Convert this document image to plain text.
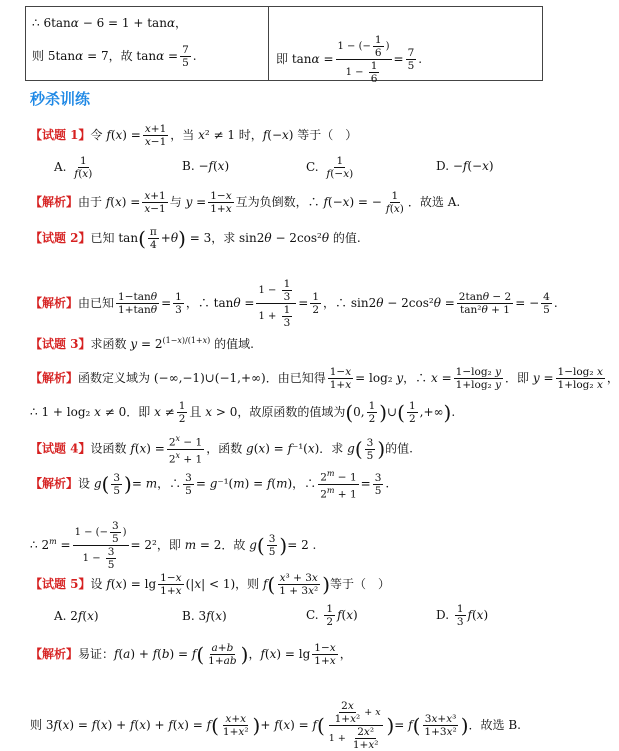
∴ 6tanα − 6 = 1 + tanα，
则 5tanα = 7，故 $\tan\alpha = \frac{7}{5}$ .	即 $\tan\alpha = \frac{1 - (- \frac{1}{6} )}{1 - \frac{1}{6}} = \frac{7}{5}$ .
秒杀训练
【试题 1】令 $f(x) = \frac{x+1}{x-1}$ ，当 x² ≠ 1 时，f(−x) 等于（　）
A. $\frac{1}{f(x)}$	B. −f(x)	C. $\frac{1}{f(-x)}$	D. −f(−x)
【解析】由于 $f(x) = \frac{x+1}{x-1}$ 与 $y = \frac{1-x}{1+x}$ 互为负倒数，∴ f(−x) = − $\frac{1}{f(x)}$ ．故选 A.
【试题 2】已知 $\tan( \frac{\pi}{4} +\theta) = 3$，求 sin2θ − 2cos²θ 的值.
【解析】由已知 $\frac{1-\tan\theta}{1+\tan\theta} = \frac{1}{3}$ ，∴ $\tan\theta = \frac{1 - \frac{1}{3}}{1 + \frac{1}{3}} = \frac{1}{2}$ ，∴ $\sin 2\theta - 2\cos^2\theta = \frac{2\tan\theta - 2}{\text{tan²θ + 1}}$ = − $\frac{4}{5}$ .
【试题 3】求函数 $y = 2^{(1-x)/(1+x)}$ 的值域.
【解析】函数定义域为 (−∞,−1)∪(−1,+∞)．由已知得 $\frac{1-x}{1+x} = \log_2$ y，∴ $x = \frac{\text{1−log₂ y}}{\text{1+log₂ y}}$ ．即 $y = \frac{\text{1−log₂ x}}{\text{1+log₂ x}}$ ，
∴ 1 + log₂ x ≠ 0．即 $x \ne \frac{1}{2}$ 且 x > 0，故原函数的值域为(0, $\frac{1}{2}$ )∪( $\frac{1}{2}$ ,+∞).
【试题 4】设函数 $f(x) = \frac{2^x - 1}{2^x + 1}$ ，函数 g(x) = f⁻¹(x)．求 $g( \frac{3}{5}$ )的值.
【解析】设 $g( \frac{3}{5}$ )= m，∴ $\frac{3}{5} = g^{-1}(m) = f(m)$，∴ $\frac{2^m - 1}{2^m + 1} = \frac{3}{5}$ .
∴ $2^m = \frac{1 - (- \frac{3}{5} )}{1 - \frac{3}{5}} = 2^2$，即 m = 2．故 $g( \frac{3}{5}$ )= 2 .
【试题 5】设 $f(x) = \lg \frac{1-x}{1+x} (|x| < 1)$，则 $f( \frac{\text{x³ + 3x}}{\text{1 + 3x²}}$ )等于（　）
A. 2f(x)	B. 3f(x)	C. $\frac{1}{2} f(x)$	D. $\frac{1}{3} f(x)$
【解析】易证：$f(a) + f(b) = f( \frac{a+b}{1+ab}$ )，$f(x) = \lg \frac{1-x}{1+x}$ ，
则 $3f(x) = f(x) + f(x) + f(x) = f( \frac{x+x}{\text{1+x²}}$ )+ $f(x) = f( \frac{\frac{2x}{\text{1+x²}} + x}{1 + \frac{\text{2x²}}{\text{1+x²}}}$ )= $f( \frac{\text{3x+x³}}{\text{1+3x²}}$ )．故选 B.
